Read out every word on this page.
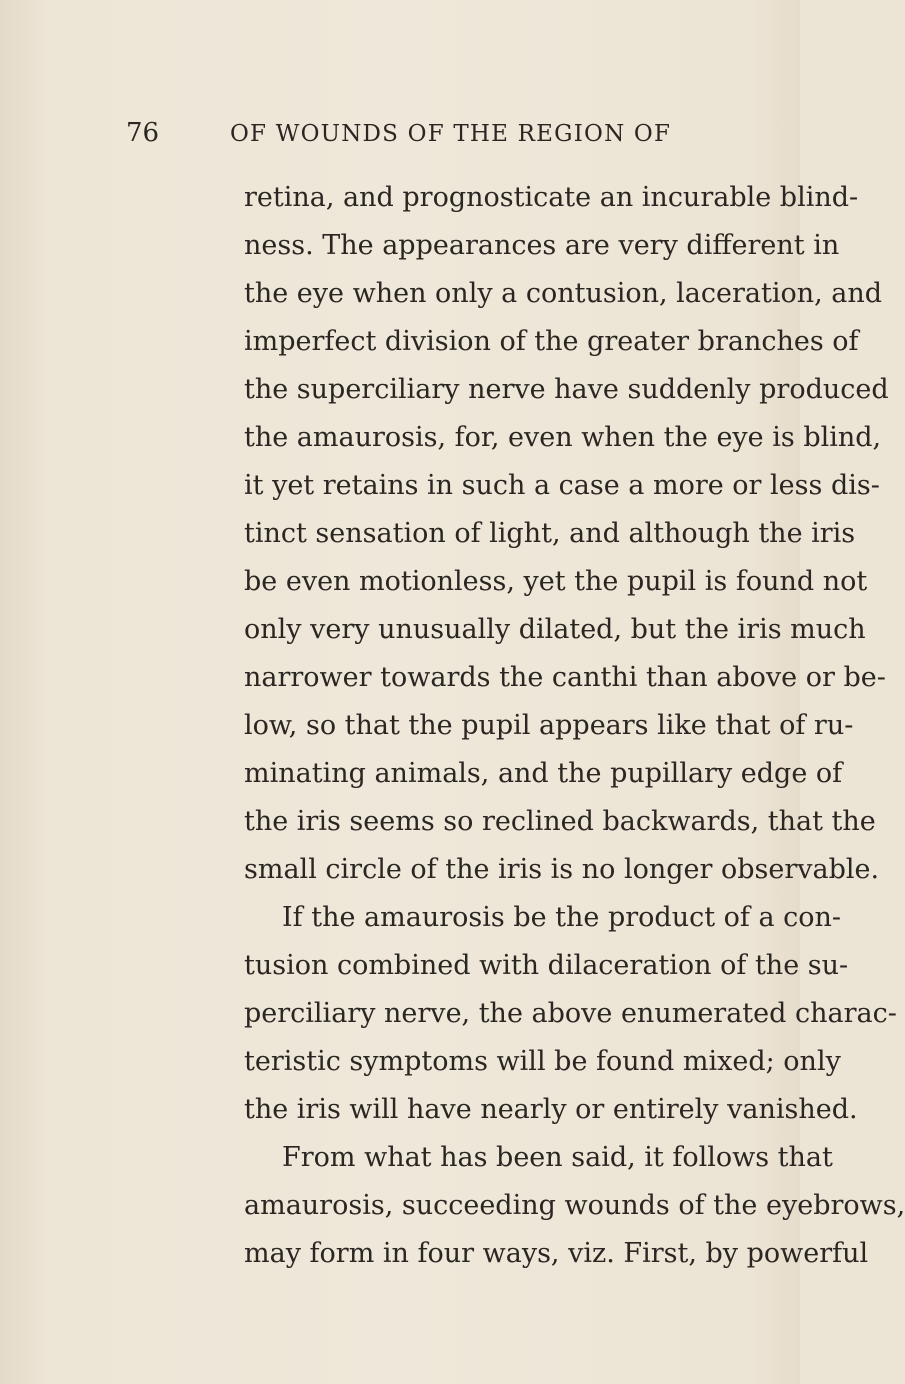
76	OF WOUNDS OF THE REGION OF
retina, and prognosticate an incurable blind-
ness. The appearances are very different in
the eye when only a contusion, laceration, and
imperfect division of the greater branches of
the superciliary nerve have suddenly produced
the amaurosis, for, even when the eye is blind,
it yet retains in such a case a more or less dis-
tinct sensation of light, and although the iris
be even motionless, yet the pupil is found not
only very unusually dilated, but the iris much
narrower towards the canthi than above or be-
low, so that the pupil appears like that of ru-
minating animals, and the pupillary edge of
the iris seems so reclined backwards, that the
small circle of the iris is no longer observable.
If the amaurosis be the product of a con-
tusion combined with dilaceration of the su-
perciliary nerve, the above enumerated charac-
teristic symptoms will be found mixed; only
the iris will have nearly or entirely vanished.
From what has been said, it follows that
amaurosis, succeeding wounds of the eyebrows,
may form in four ways, viz. First, by powerful
